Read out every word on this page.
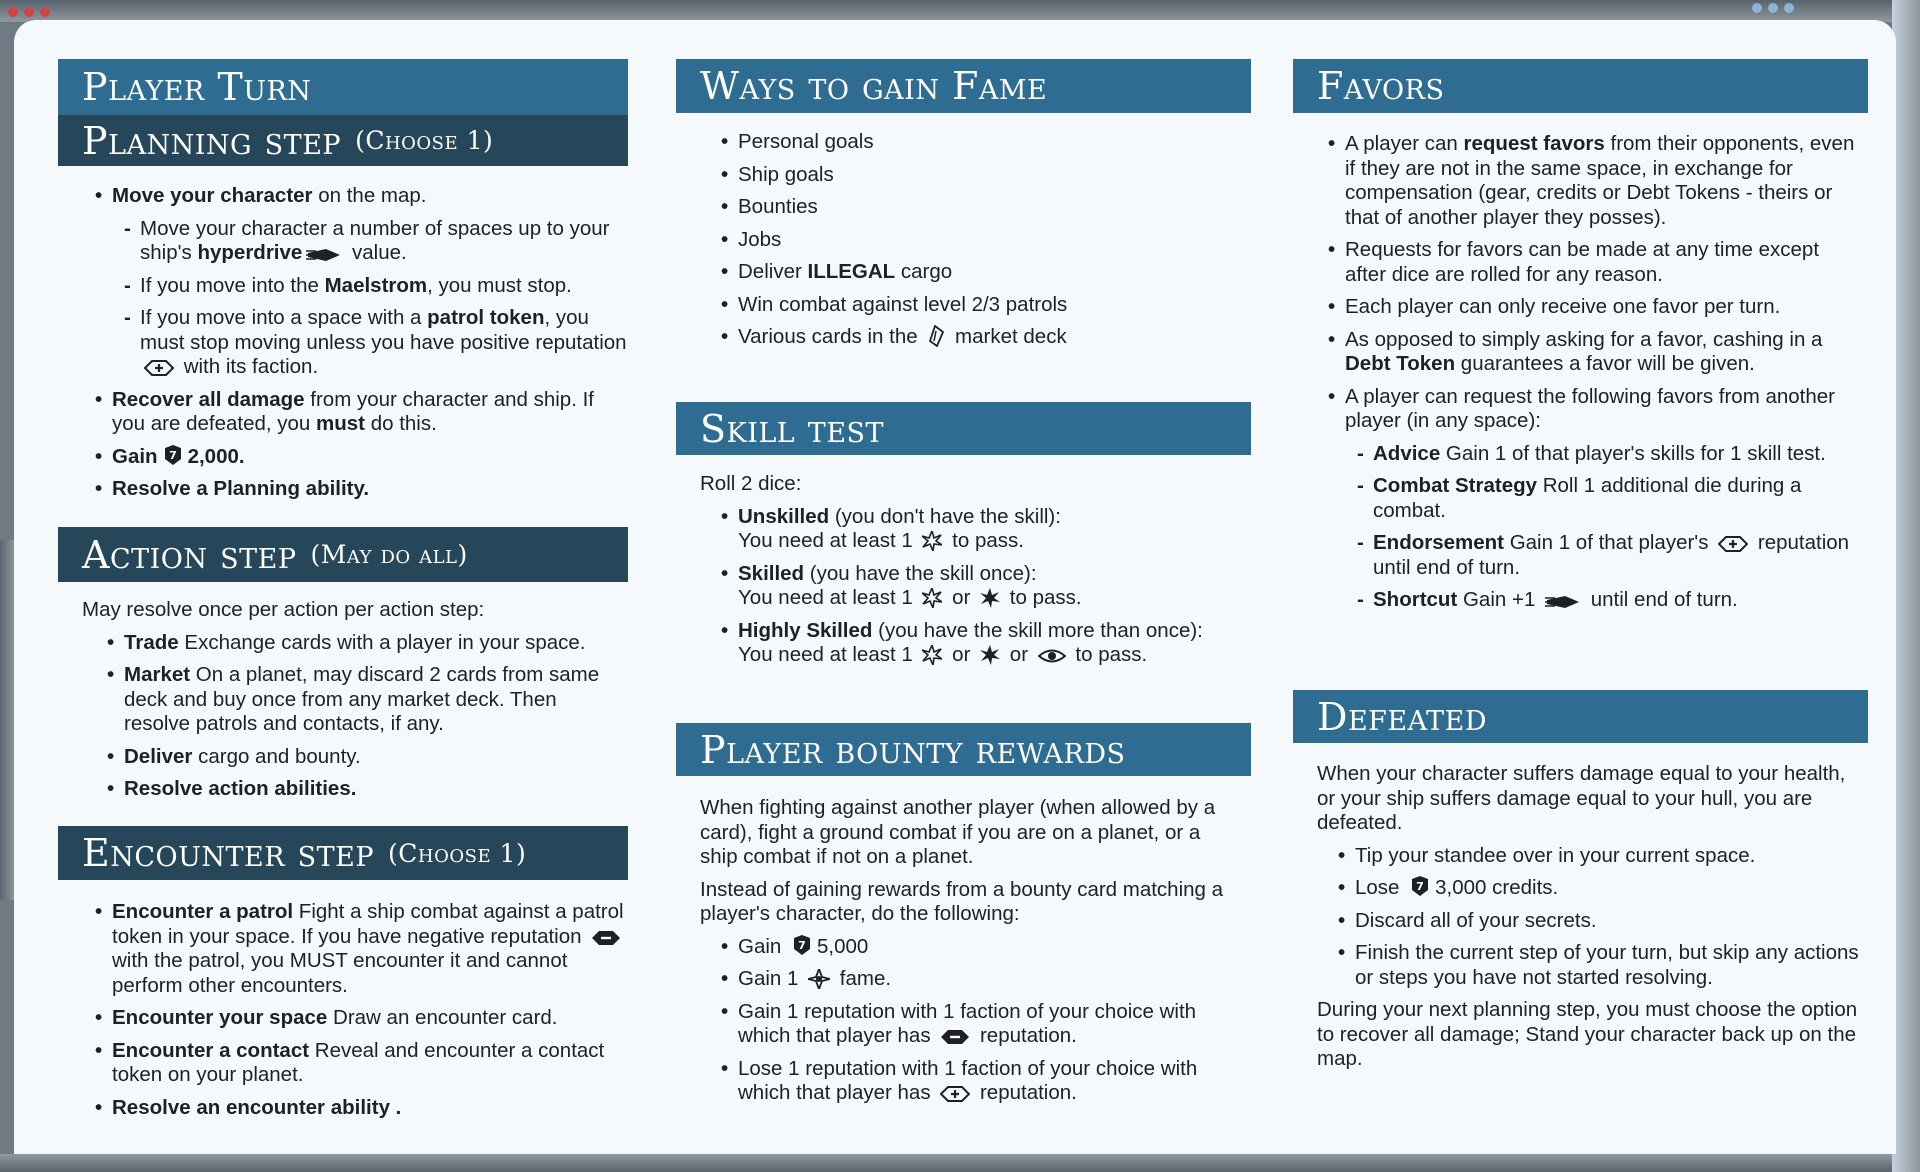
Player Turn
Planning step (Choose 1)
• Move your character on the map.
- Move your character a number of spaces up to your ship's hyperdrive value.
- If you move into the Maelstrom, you must stop.
- If you move into a space with a patrol token, you must stop moving unless you have positive reputation  with its faction.
• Recover all damage from your character and ship. If you are defeated, you must do this.
• Gain 2,000.
• Resolve a Planning ability.
Action step (May do all)

May resolve once per action per action step:

• Trade Exchange cards with a player in your space.
• Market On a planet, may discard 2 cards from same deck and buy once from any market deck. Then resolve patrols and contacts, if any.
• Deliver cargo and bounty.
• Resolve action abilities.
Encounter step (Choose 1)
• Encounter a patrol Fight a ship combat against a patrol token in your space. If you have negative reputation  with the patrol, you MUST encounter it and cannot perform other encounters.
• Encounter your space Draw an encounter card.
• Encounter a contact Reveal and encounter a contact token on your planet.
• Resolve an encounter ability .
Ways to gain Fame
• Personal goals
• Ship goals
• Bounties
• Jobs
• Deliver ILLEGAL cargo
• Win combat against level 2/3 patrols
• Various cards in the  market deck
Skill test

Roll 2 dice:

• Unskilled (you don't have the skill):
You need at least 1  to pass.
• Skilled (you have the skill once):
You need at least 1  or  to pass.
• Highly Skilled (you have the skill more than once):
You need at least 1  or  or  to pass.
Player bounty rewards

When fighting against another player (when allowed by a card), fight a ground combat if you are on a planet, or a ship combat if not on a planet.

Instead of gaining rewards from a bounty card matching a player's character, do the following:

• Gain 5,000
• Gain 1  fame.
• Gain 1 reputation with 1 faction of your choice with which that player has  reputation.
• Lose 1 reputation with 1 faction of your choice with which that player has  reputation.
Favors
• A player can request favors from their opponents, even if they are not in the same space, in exchange for compensation (gear, credits or Debt Tokens - theirs or that of another player they posses).
• Requests for favors can be made at any time except after dice are rolled for any reason.
• Each player can only receive one favor per turn.
• As opposed to simply asking for a favor, cashing in a Debt Token guarantees a favor will be given.
• A player can request the following favors from another player (in any space):
- Advice Gain 1 of that player's skills for 1 skill test.
- Combat Strategy Roll 1 additional die during a combat.
- Endorsement Gain 1 of that player's  reputation until end of turn.
- Shortcut Gain +1  until end of turn.
Defeated

When your character suffers damage equal to your health, or your ship suffers damage equal to your hull, you are defeated.

• Tip your standee over in your current space.
• Lose 3,000 credits.
• Discard all of your secrets.
• Finish the current step of your turn, but skip any actions or steps you have not started resolving.

During your next planning step, you must choose the option to recover all damage; Stand your character back up on the map.
